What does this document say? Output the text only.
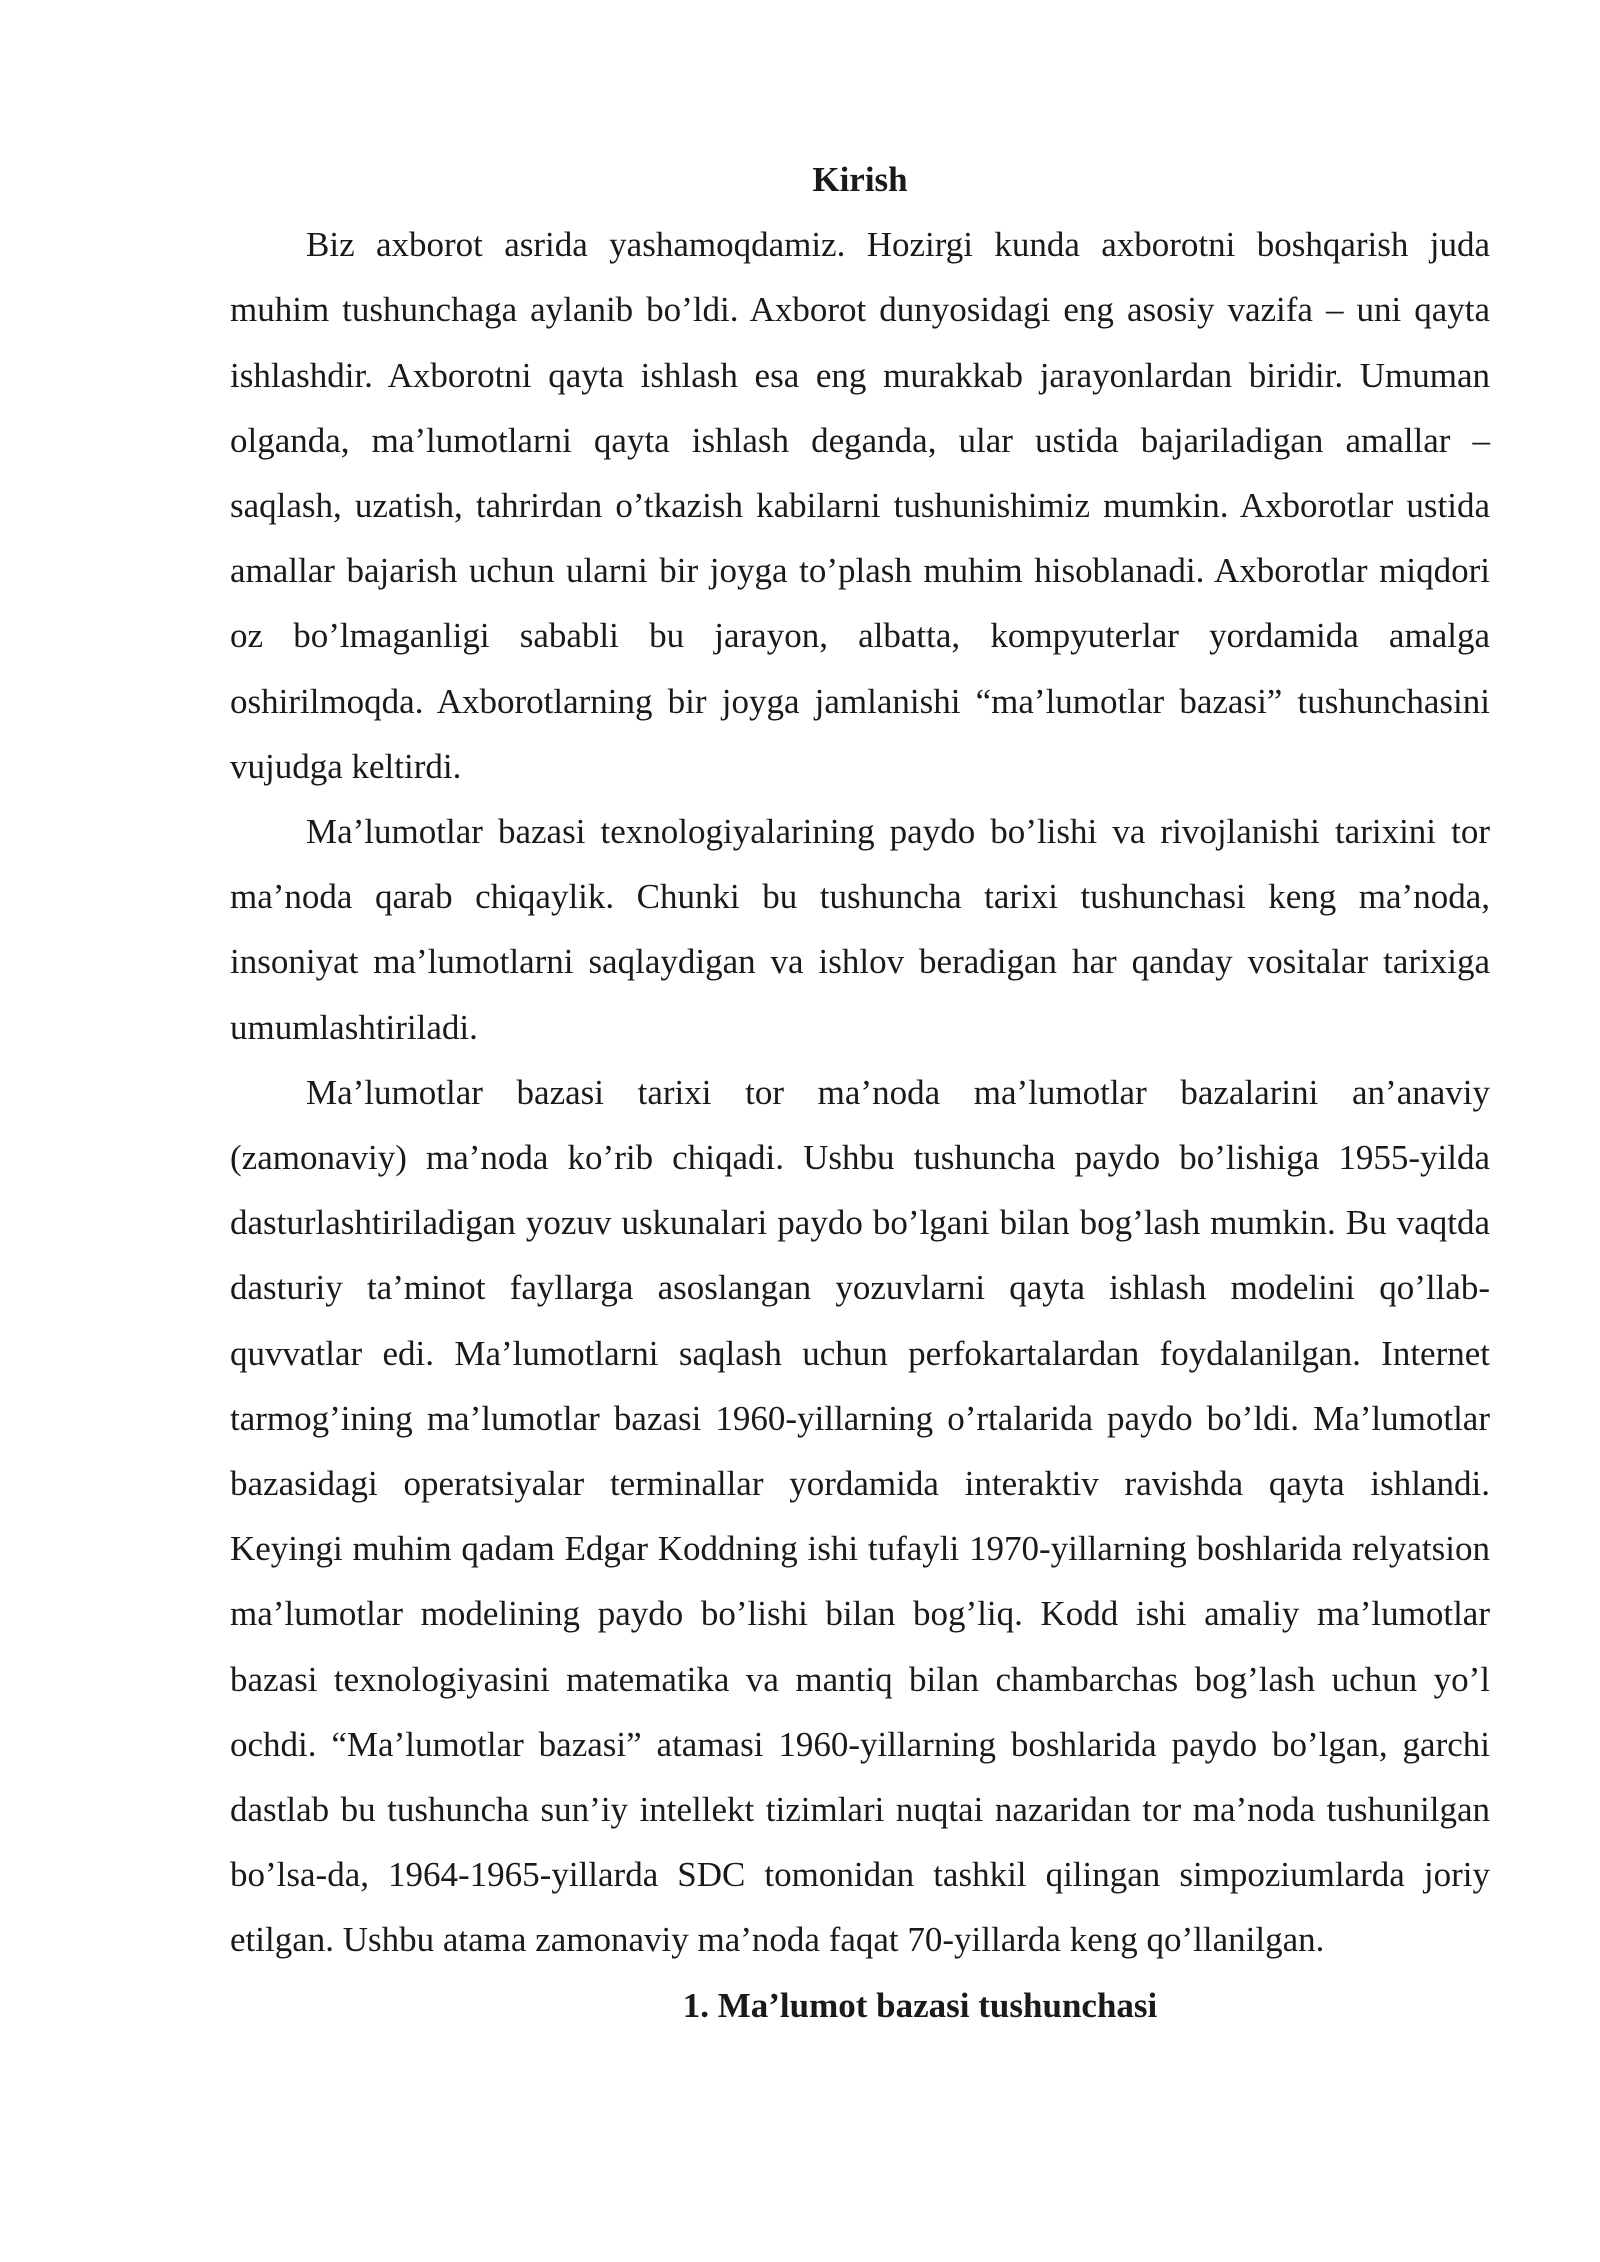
Kirish

Biz axborot asrida yashamoqdamiz. Hozirgi kunda axborotni boshqarish juda muhim tushunchaga aylanib bo’ldi. Axborot dunyosidagi eng asosiy vazifa – uni qayta ishlashdir. Axborotni qayta ishlash esa eng murakkab jarayonlardan biridir. Umuman olganda, ma’lumotlarni qayta ishlash deganda, ular ustida bajariladigan amallar – saqlash, uzatish, tahrirdan o’tkazish kabilarni tushunishimiz mumkin. Axborotlar ustida amallar bajarish uchun ularni bir joyga to’plash muhim hisoblanadi. Axborotlar miqdori oz bo’lmaganligi sababli bu jarayon, albatta, kompyuterlar yordamida amalga oshirilmoqda. Axborotlarning bir joyga jamlanishi “ma’lumotlar bazasi” tushunchasini vujudga keltirdi.

Ma’lumotlar bazasi texnologiyalarining paydo bo’lishi va rivojlanishi tarixini tor ma’noda qarab chiqaylik. Chunki bu tushuncha tarixi tushunchasi keng ma’noda, insoniyat ma’lumotlarni saqlaydigan va ishlov beradigan har qanday vositalar tarixiga umumlashtiriladi.

Ma’lumotlar bazasi tarixi tor ma’noda ma’lumotlar bazalarini an’anaviy (zamonaviy) ma’noda ko’rib chiqadi. Ushbu tushuncha paydo bo’lishiga 1955-yilda dasturlashtiriladigan yozuv uskunalari paydo bo’lgani bilan bog’lash mumkin. Bu vaqtda dasturiy ta’minot fayllarga asoslangan yozuvlarni qayta ishlash modelini qo’llab-quvvatlar edi. Ma’lumotlarni saqlash uchun perfokartalardan foydalanilgan. Internet tarmog’ining ma’lumotlar bazasi 1960-yillarning o’rtalarida paydo bo’ldi. Ma’lumotlar bazasidagi operatsiyalar terminallar yordamida interaktiv ravishda qayta ishlandi. Keyingi muhim qadam Edgar Koddning ishi tufayli 1970-yillarning boshlarida relyatsion ma’lumotlar modelining paydo bo’lishi bilan bog’liq. Kodd ishi amaliy ma’lumotlar bazasi texnologiyasini matematika va mantiq bilan chambarchas bog’lash uchun yo’l ochdi. “Ma’lumotlar bazasi” atamasi 1960-yillarning boshlarida paydo bo’lgan, garchi dastlab bu tushuncha sun’iy intellekt tizimlari nuqtai nazaridan tor ma’noda tushunilgan bo’lsa-da, 1964-1965-yillarda SDC tomonidan tashkil qilingan simpoziumlarda joriy etilgan. Ushbu atama zamonaviy ma’noda faqat 70-yillarda keng qo’llanilgan.

1. Ma’lumot bazasi tushunchasi
